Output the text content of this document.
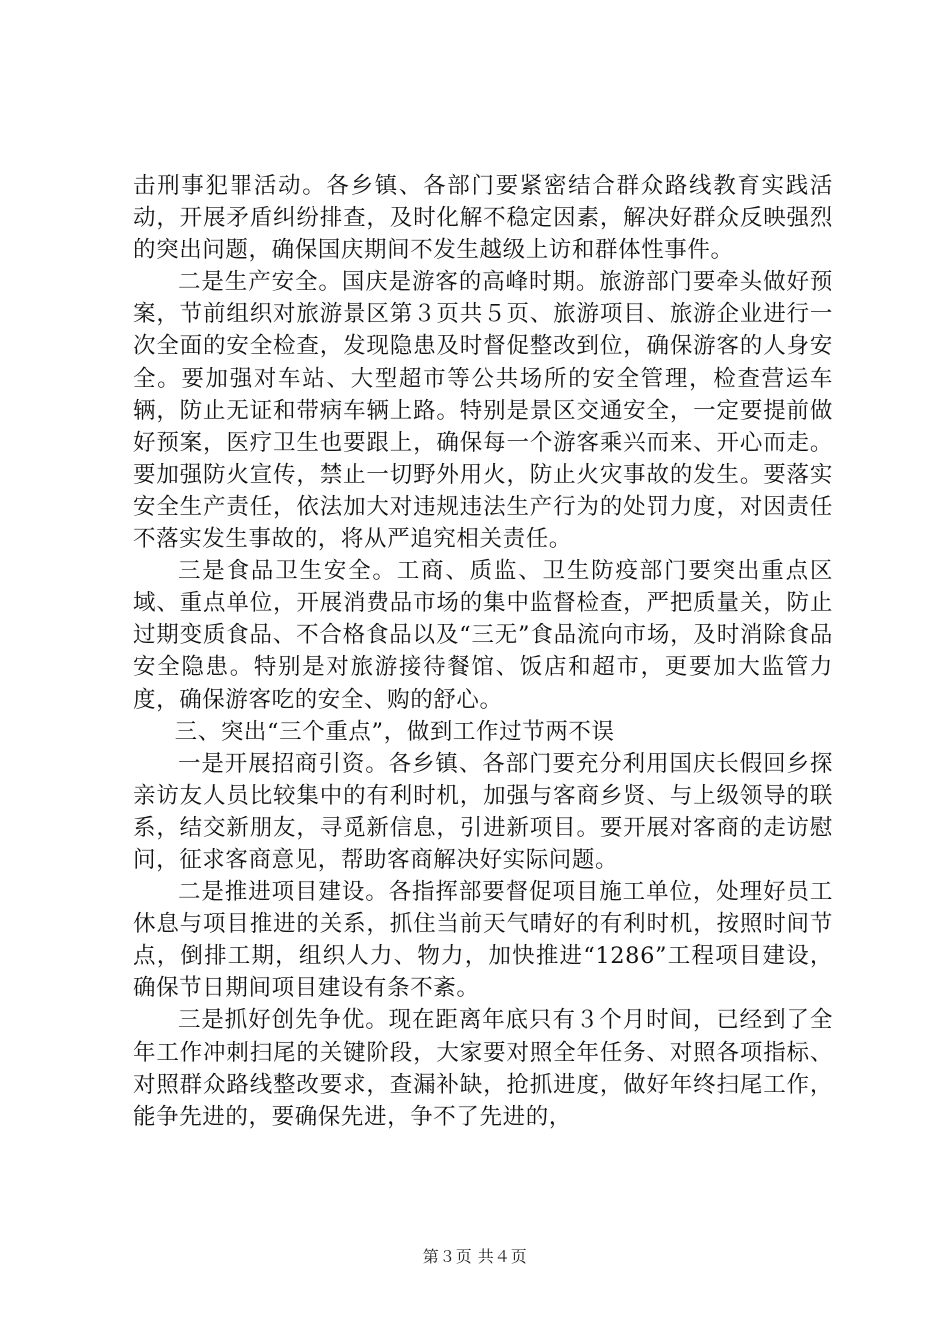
击刑事犯罪活动。各乡镇、各部门要紧密结合群众路线教育实践活动，开展矛盾纠纷排查，及时化解不稳定因素，解决好群众反映强烈的突出问题，确保国庆期间不发生越级上访和群体性事件。

二是生产安全。国庆是游客的高峰时期。旅游部门要牵头做好预案，节前组织对旅游景区第３页共５页、旅游项目、旅游企业进行一次全面的安全检查，发现隐患及时督促整改到位，确保游客的人身安全。要加强对车站、大型超市等公共场所的安全管理，检查营运车辆，防止无证和带病车辆上路。特别是景区交通安全，一定要提前做好预案，医疗卫生也要跟上，确保每一个游客乘兴而来、开心而走。要加强防火宣传，禁止一切野外用火，防止火灾事故的发生。要落实安全生产责任，依法加大对违规违法生产行为的处罚力度，对因责任不落实发生事故的，将从严追究相关责任。

三是食品卫生安全。工商、质监、卫生防疫部门要突出重点区域、重点单位，开展消费品市场的集中监督检查，严把质量关，防止过期变质食品、不合格食品以及“三无”食品流向市场，及时消除食品安全隐患。特别是对旅游接待餐馆、饭店和超市，更要加大监管力度，确保游客吃的安全、购的舒心。

三、突出“三个重点”，做到工作过节两不误

一是开展招商引资。各乡镇、各部门要充分利用国庆长假回乡探亲访友人员比较集中的有利时机，加强与客商乡贤、与上级领导的联系，结交新朋友，寻觅新信息，引进新项目。要开展对客商的走访慰问，征求客商意见，帮助客商解决好实际问题。

二是推进项目建设。各指挥部要督促项目施工单位，处理好员工休息与项目推进的关系，抓住当前天气晴好的有利时机，按照时间节点，倒排工期，组织人力、物力，加快推进“1286”工程项目建设，确保节日期间项目建设有条不紊。

三是抓好创先争优。现在距离年底只有３个月时间，已经到了全年工作冲刺扫尾的关键阶段，大家要对照全年任务、对照各项指标、对照群众路线整改要求，查漏补缺，抢抓进度，做好年终扫尾工作，能争先进的，要确保先进，争不了先进的，

第３页 共４页
